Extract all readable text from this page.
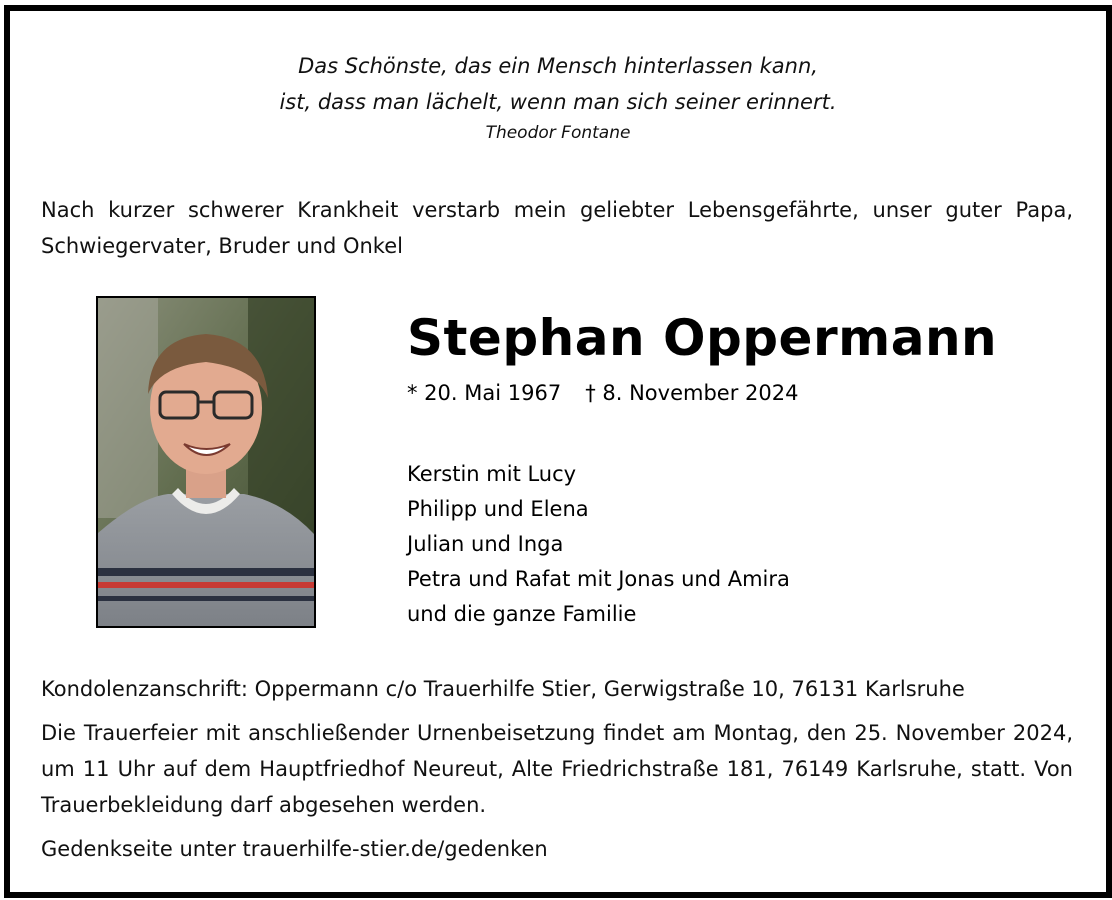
Das Schönste, das ein Mensch hinterlassen kann,
ist, dass man lächelt, wenn man sich seiner erinnert.
Theodor Fontane
Nach kurzer schwerer Krankheit verstarb mein geliebter Lebensgefährte, unser guter Papa, Schwiegervater, Bruder und Onkel
Stephan Oppermann
* 20. Mai 1967 † 8. November 2024
Kerstin mit Lucy
Philipp und Elena
Julian und Inga
Petra und Rafat mit Jonas und Amira
und die ganze Familie
Kondolenzanschrift: Oppermann c/o Trauerhilfe Stier, Gerwigstraße 10, 76131 Karlsruhe
Die Trauerfeier mit anschließender Urnenbeisetzung findet am Montag, den 25. November 2024, um 11 Uhr auf dem Hauptfriedhof Neureut, Alte Friedrichstraße 181, 76149 Karlsruhe, statt. Von Trauerbekleidung darf abgesehen werden.
Gedenkseite unter trauerhilfe-stier.de/gedenken
